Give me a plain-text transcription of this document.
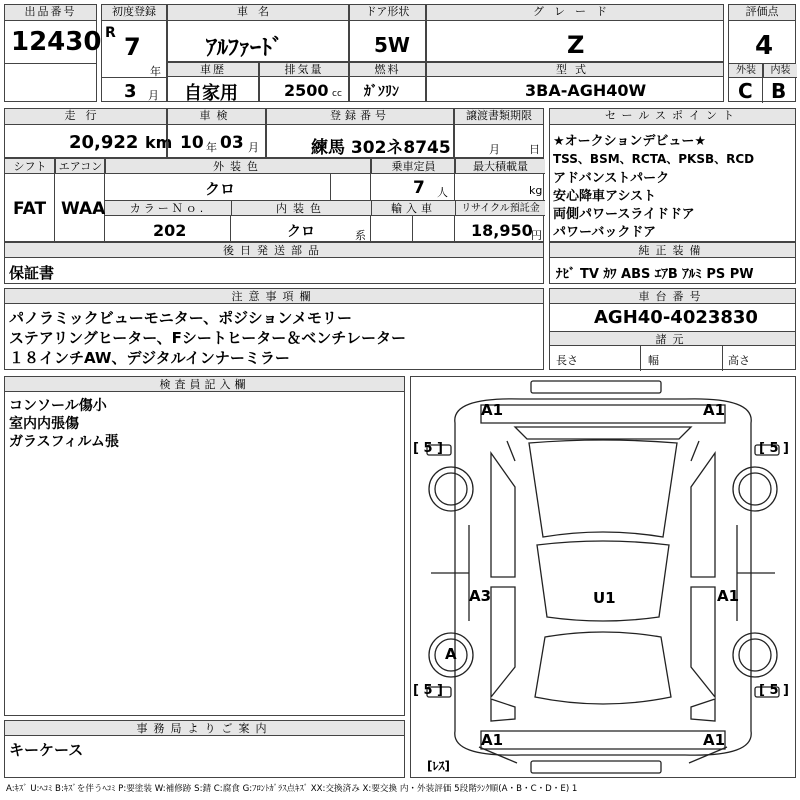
出品番号
12430
初度登録
R 7
年
3 月
車名
ｱﾙﾌｧｰﾄﾞ
ドア形状
5W
グレード
Z
評価点
4
外装	内装
C B
車歴
自家用
排気量
2500 cc
燃料
ｶﾞｿﾘﾝ
型式
3BA-AGH40W
走行
20,922 km
車検
10 年 03 月
登録番号
練馬 302ネ8745
譲渡書類期限
月	日
セールスポイント
★オークションデビュー★
TSS、BSM、RCTA、PKSB、RCD
アドバンストパーク
安心降車アシスト
両側パワースライドドア
パワーバックドア
シフト	エアコン	外装色	乗車定員	最大積載量
FAT WAA
クロ	7 人	kg
カラーＮｏ.	内装色	輸入車	リサイクル預託金
202	クロ	系	18,950
円
後日発送部品
保証書
純正装備
ﾅﾋﾞ TV ｶﾜ ABS ｴｱB ｱﾙﾐ PS PW
注意事項欄
パノラミックビューモニター、ポジションメモリー
ステアリングヒーター、Fシートヒーター＆ベンチレーター
１８インチAW、デジタルインナーミラー
車台番号
AGH40-4023830
諸元
長さ	幅	高さ
検査員記入欄
コンソール傷小
室内内張傷
ガラスフィルム張
事務局よりご案内
キーケース
A1	A1
A1	A1
A3	U1	A1
A
[ 5 ]	[ 5 ]
[ 5 ]	[ 5 ]
[ﾚｽ]
A:ｷｽﾞ U:ﾍｺﾐ B:ｷｽﾞを伴うﾍｺﾐ P:要塗装 W:補修跡 S:錆 C:腐食 G:ﾌﾛﾝﾄｶﾞﾗｽ点ｷｽﾞ XX:交換済み X:要交換 内・外装評価 5段階ﾗﾝｸ順(A・B・C・D・E) 1
